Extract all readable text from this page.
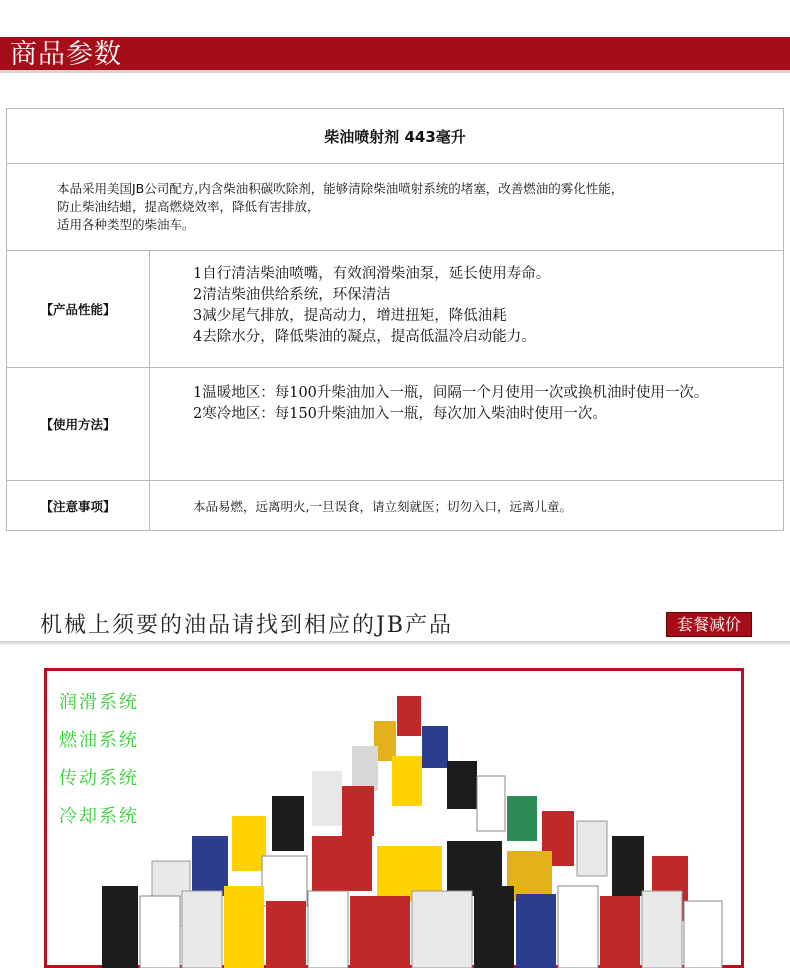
商品参数
柴油喷射剂 443毫升
本品采用美国JB公司配方,内含柴油积碳吹除剂，能够清除柴油喷射系统的堵塞，改善燃油的雾化性能，
防止柴油结蜡，提高燃烧效率，降低有害排放，
适用各种类型的柴油车。
【产品性能】
1自行清洁柴油喷嘴，有效润滑柴油泵，延长使用寿命。
2清洁柴油供给系统，环保清洁
3减少尾气排放，提高动力，增进扭矩，降低油耗
4去除水分，降低柴油的凝点，提高低温冷启动能力。
【使用方法】
1温暖地区：每100升柴油加入一瓶，间隔一个月使用一次或换机油时使用一次。
2寒冷地区：每150升柴油加入一瓶，每次加入柴油时使用一次。
【注意事项】	本品易燃，远离明火,一旦误食，请立刻就医；切勿入口，远离儿童。
机械上须要的油品请找到相应的JB产品	套餐减价
润滑系统
燃油系统
传动系统
冷却系统
